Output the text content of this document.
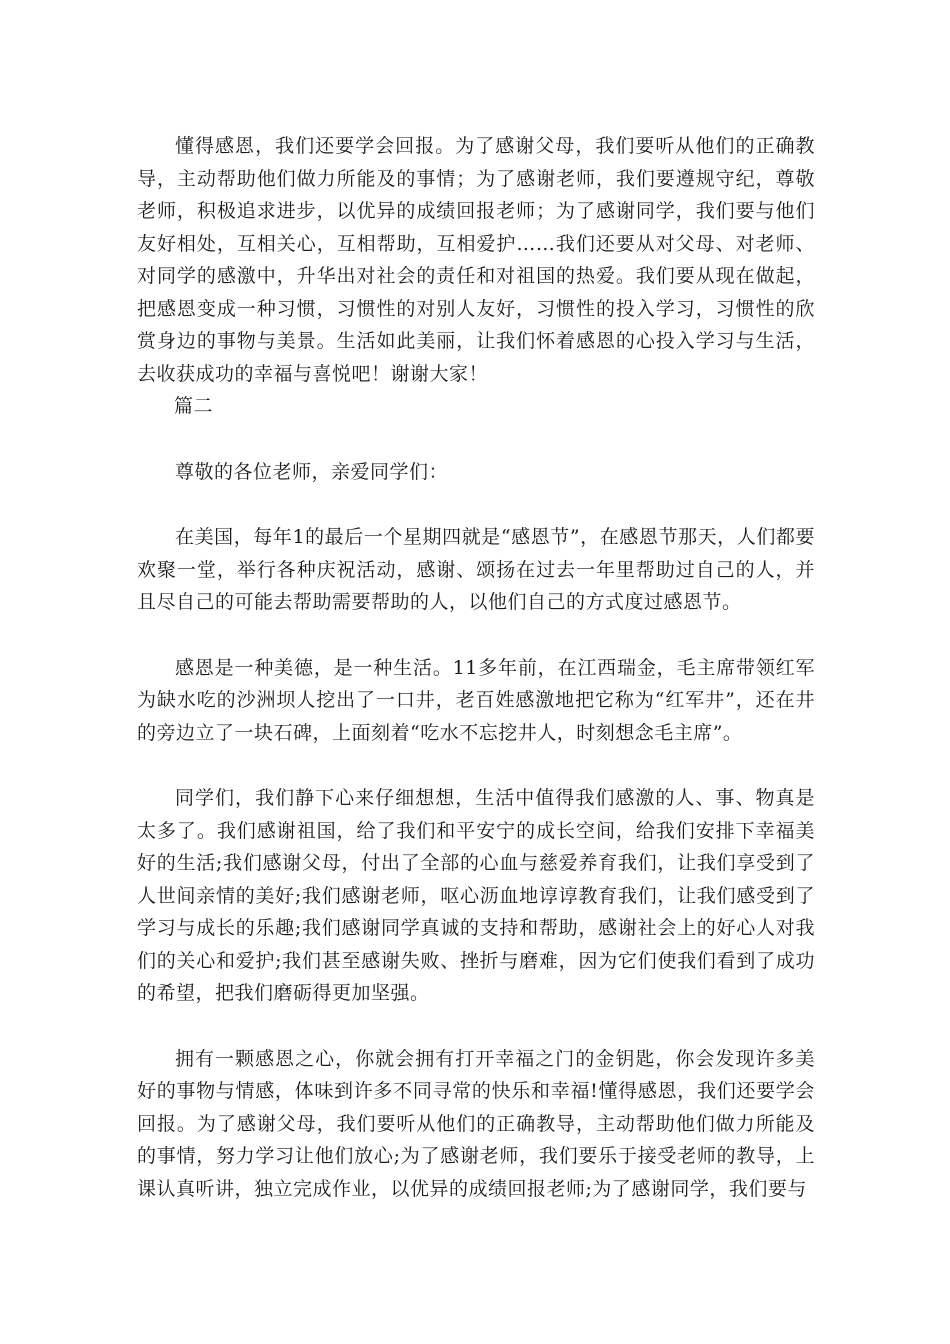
懂得感恩，我们还要学会回报。为了感谢父母，我们要听从他们的正确教导，主动帮助他们做力所能及的事情；为了感谢老师，我们要遵规守纪，尊敬老师，积极追求进步，以优异的成绩回报老师；为了感谢同学，我们要与他们友好相处，互相关心，互相帮助，互相爱护……我们还要从对父母、对老师、对同学的感激中，升华出对社会的责任和对祖国的热爱。我们要从现在做起，把感恩变成一种习惯，习惯性的对别人友好，习惯性的投入学习，习惯性的欣赏身边的事物与美景。生活如此美丽，让我们怀着感恩的心投入学习与生活，去收获成功的幸福与喜悦吧！谢谢大家！

篇二

尊敬的各位老师，亲爱同学们：

在美国，每年1的最后一个星期四就是“感恩节”，在感恩节那天，人们都要欢聚一堂，举行各种庆祝活动，感谢、颂扬在过去一年里帮助过自己的人，并且尽自己的可能去帮助需要帮助的人，以他们自己的方式度过感恩节。

感恩是一种美德，是一种生活。11多年前，在江西瑞金，毛主席带领红军为缺水吃的沙洲坝人挖出了一口井，老百姓感激地把它称为“红军井”，还在井的旁边立了一块石碑，上面刻着“吃水不忘挖井人，时刻想念毛主席”。

同学们，我们静下心来仔细想想，生活中值得我们感激的人、事、物真是太多了。我们感谢祖国，给了我们和平安宁的成长空间，给我们安排下幸福美好的生活;我们感谢父母，付出了全部的心血与慈爱养育我们，让我们享受到了人世间亲情的美好;我们感谢老师，呕心沥血地谆谆教育我们，让我们感受到了学习与成长的乐趣;我们感谢同学真诚的支持和帮助，感谢社会上的好心人对我们的关心和爱护;我们甚至感谢失败、挫折与磨难，因为它们使我们看到了成功的希望，把我们磨砺得更加坚强。

拥有一颗感恩之心，你就会拥有打开幸福之门的金钥匙，你会发现许多美好的事物与情感，体味到许多不同寻常的快乐和幸福!懂得感恩，我们还要学会回报。为了感谢父母，我们要听从他们的正确教导，主动帮助他们做力所能及的事情，努力学习让他们放心;为了感谢老师，我们要乐于接受老师的教导，上课认真听讲，独立完成作业，以优异的成绩回报老师;为了感谢同学，我们要与
